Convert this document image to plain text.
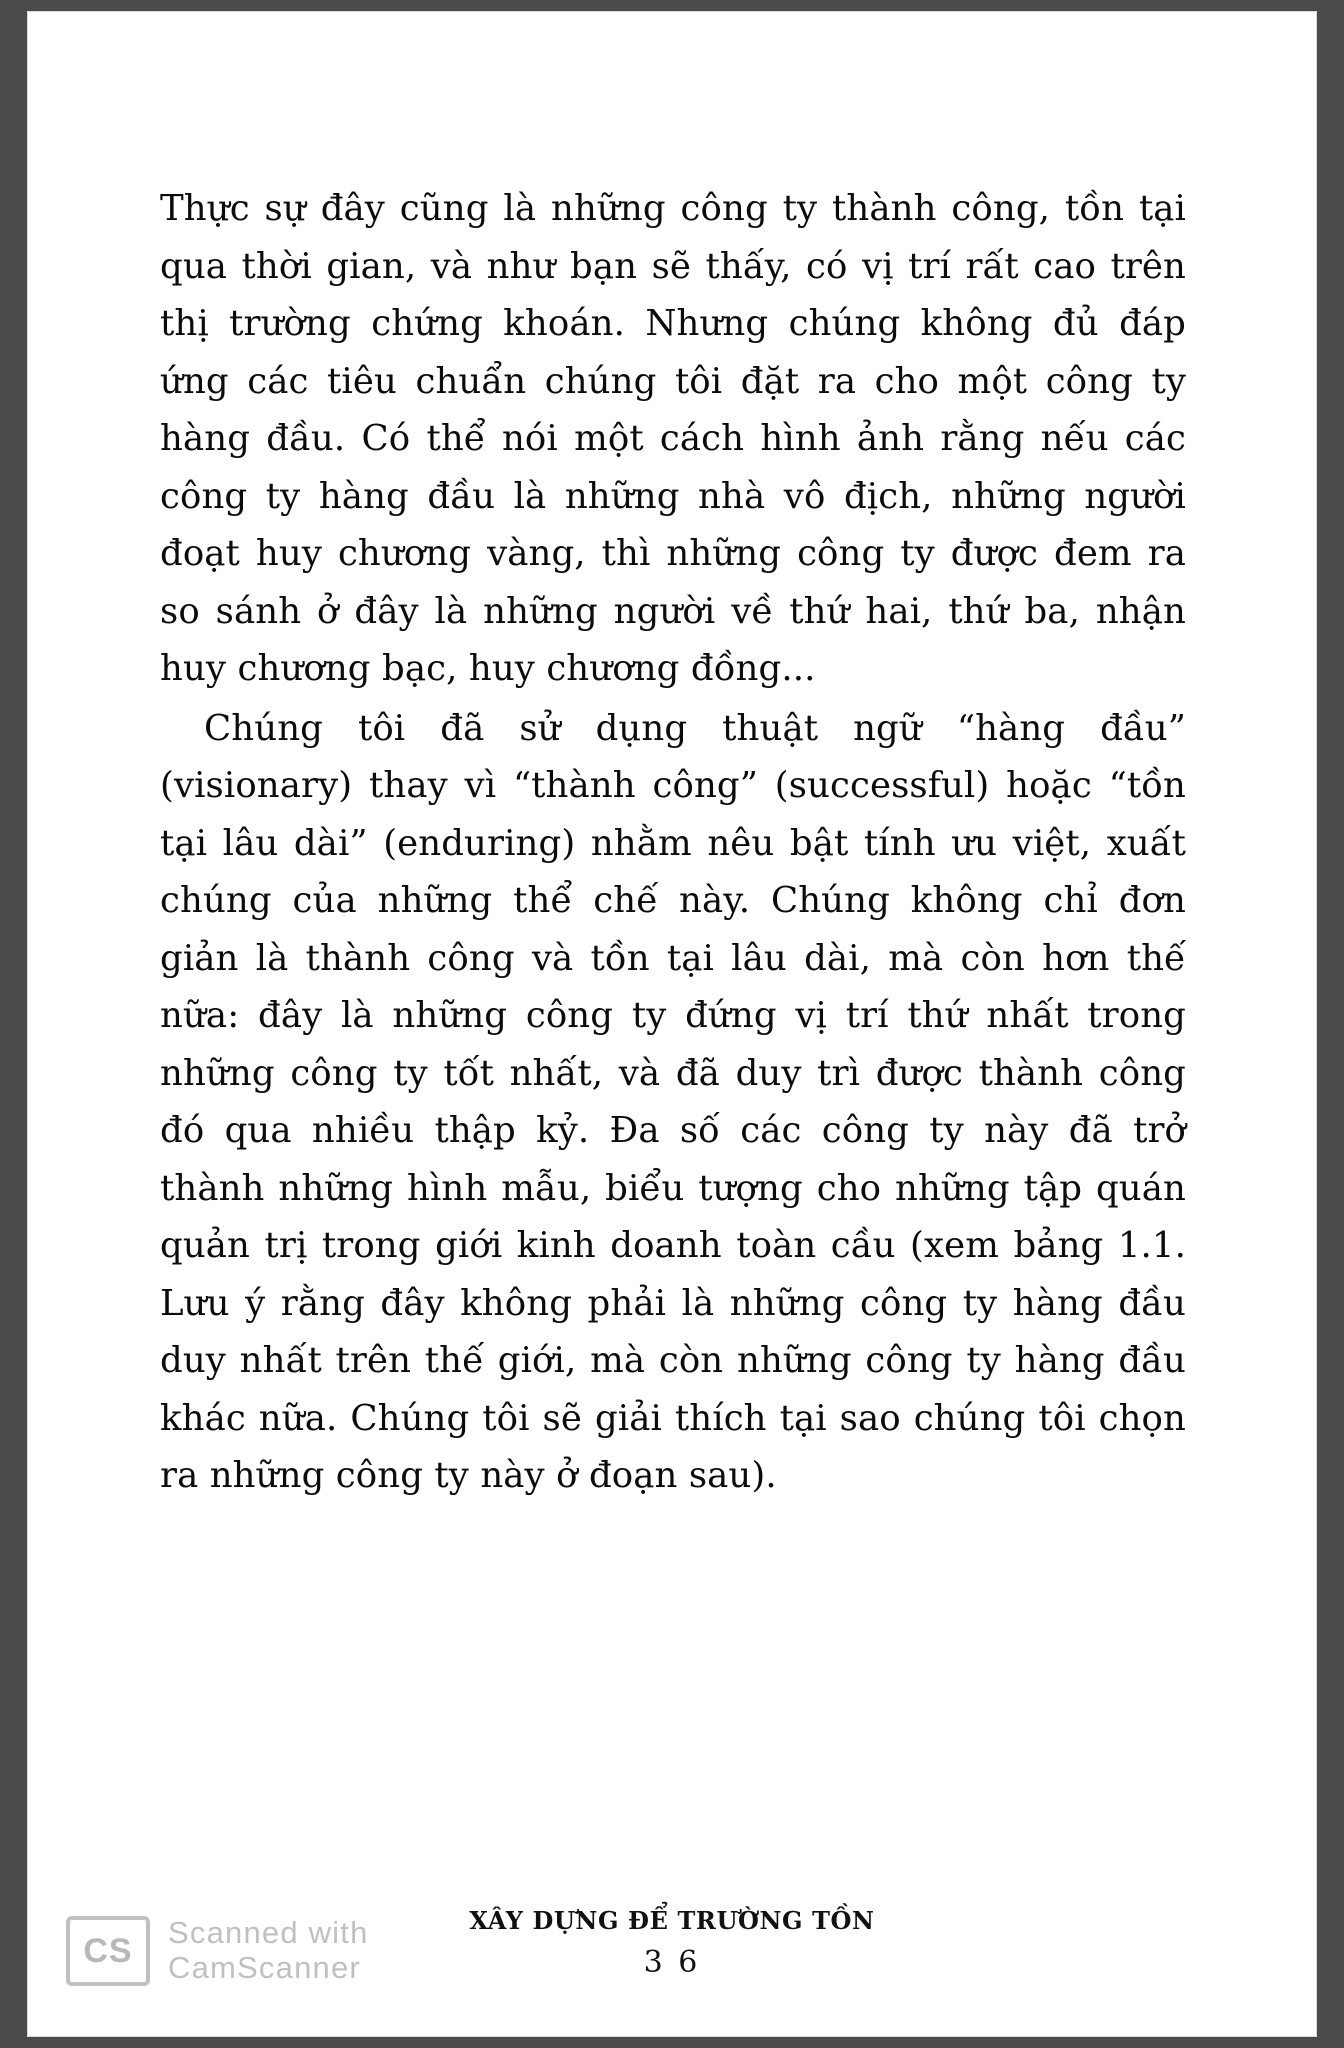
Thực sự đây cũng là những công ty thành công, tồn tại qua thời gian, và như bạn sẽ thấy, có vị trí rất cao trên thị trường chứng khoán. Nhưng chúng không đủ đáp ứng các tiêu chuẩn chúng tôi đặt ra cho một công ty hàng đầu. Có thể nói một cách hình ảnh rằng nếu các công ty hàng đầu là những nhà vô địch, những người đoạt huy chương vàng, thì những công ty được đem ra so sánh ở đây là những người về thứ hai, thứ ba, nhận huy chương bạc, huy chương đồng...

Chúng tôi đã sử dụng thuật ngữ “hàng đầu” (visionary) thay vì “thành công” (successful) hoặc “tồn tại lâu dài” (enduring) nhằm nêu bật tính ưu việt, xuất chúng của những thể chế này. Chúng không chỉ đơn giản là thành công và tồn tại lâu dài, mà còn hơn thế nữa: đây là những công ty đứng vị trí thứ nhất trong những công ty tốt nhất, và đã duy trì được thành công đó qua nhiều thập kỷ. Đa số các công ty này đã trở thành những hình mẫu, biểu tượng cho những tập quán quản trị trong giới kinh doanh toàn cầu (xem bảng 1.1. Lưu ý rằng đây không phải là những công ty hàng đầu duy nhất trên thế giới, mà còn những công ty hàng đầu khác nữa. Chúng tôi sẽ giải thích tại sao chúng tôi chọn ra những công ty này ở đoạn sau).

XÂY DỰNG ĐỂ TRƯỜNG TỒN
3 6
CS	Scanned with
CamScanner
